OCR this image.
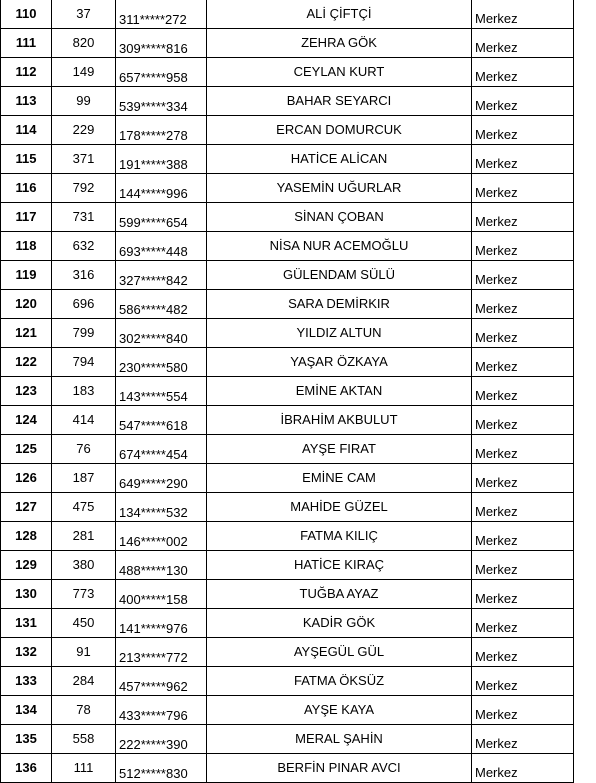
110	37	311*****272	ALİ ÇİFTÇİ	Merkez	
111	820	309*****816	ZEHRA GÖK	Merkez	
112	149	657*****958	CEYLAN KURT	Merkez	
113	99	539*****334	BAHAR SEYARCI	Merkez	
114	229	178*****278	ERCAN DOMURCUK	Merkez	
115	371	191*****388	HATİCE ALİCAN	Merkez	
116	792	144*****996	YASEMİN UĞURLAR	Merkez	
117	731	599*****654	SİNAN ÇOBAN	Merkez	
118	632	693*****448	NİSA NUR ACEMOĞLU	Merkez	
119	316	327*****842	GÜLENDAM SÜLÜ	Merkez	
120	696	586*****482	SARA DEMİRKIR	Merkez	
121	799	302*****840	YILDIZ ALTUN	Merkez	
122	794	230*****580	YAŞAR ÖZKAYA	Merkez	
123	183	143*****554	EMİNE AKTAN	Merkez	
124	414	547*****618	İBRAHİM AKBULUT	Merkez	
125	76	674*****454	AYŞE FIRAT	Merkez	
126	187	649*****290	EMİNE CAM	Merkez	
127	475	134*****532	MAHİDE GÜZEL	Merkez	
128	281	146*****002	FATMA KILIÇ	Merkez	
129	380	488*****130	HATİCE KIRAÇ	Merkez	
130	773	400*****158	TUĞBA AYAZ	Merkez	
131	450	141*****976	KADİR GÖK	Merkez	
132	91	213*****772	AYŞEGÜL GÜL	Merkez	
133	284	457*****962	FATMA ÖKSÜZ	Merkez	
134	78	433*****796	AYŞE KAYA	Merkez	
135	558	222*****390	MERAL ŞAHİN	Merkez	
136	111	512*****830	BERFİN PINAR AVCI	Merkez	
